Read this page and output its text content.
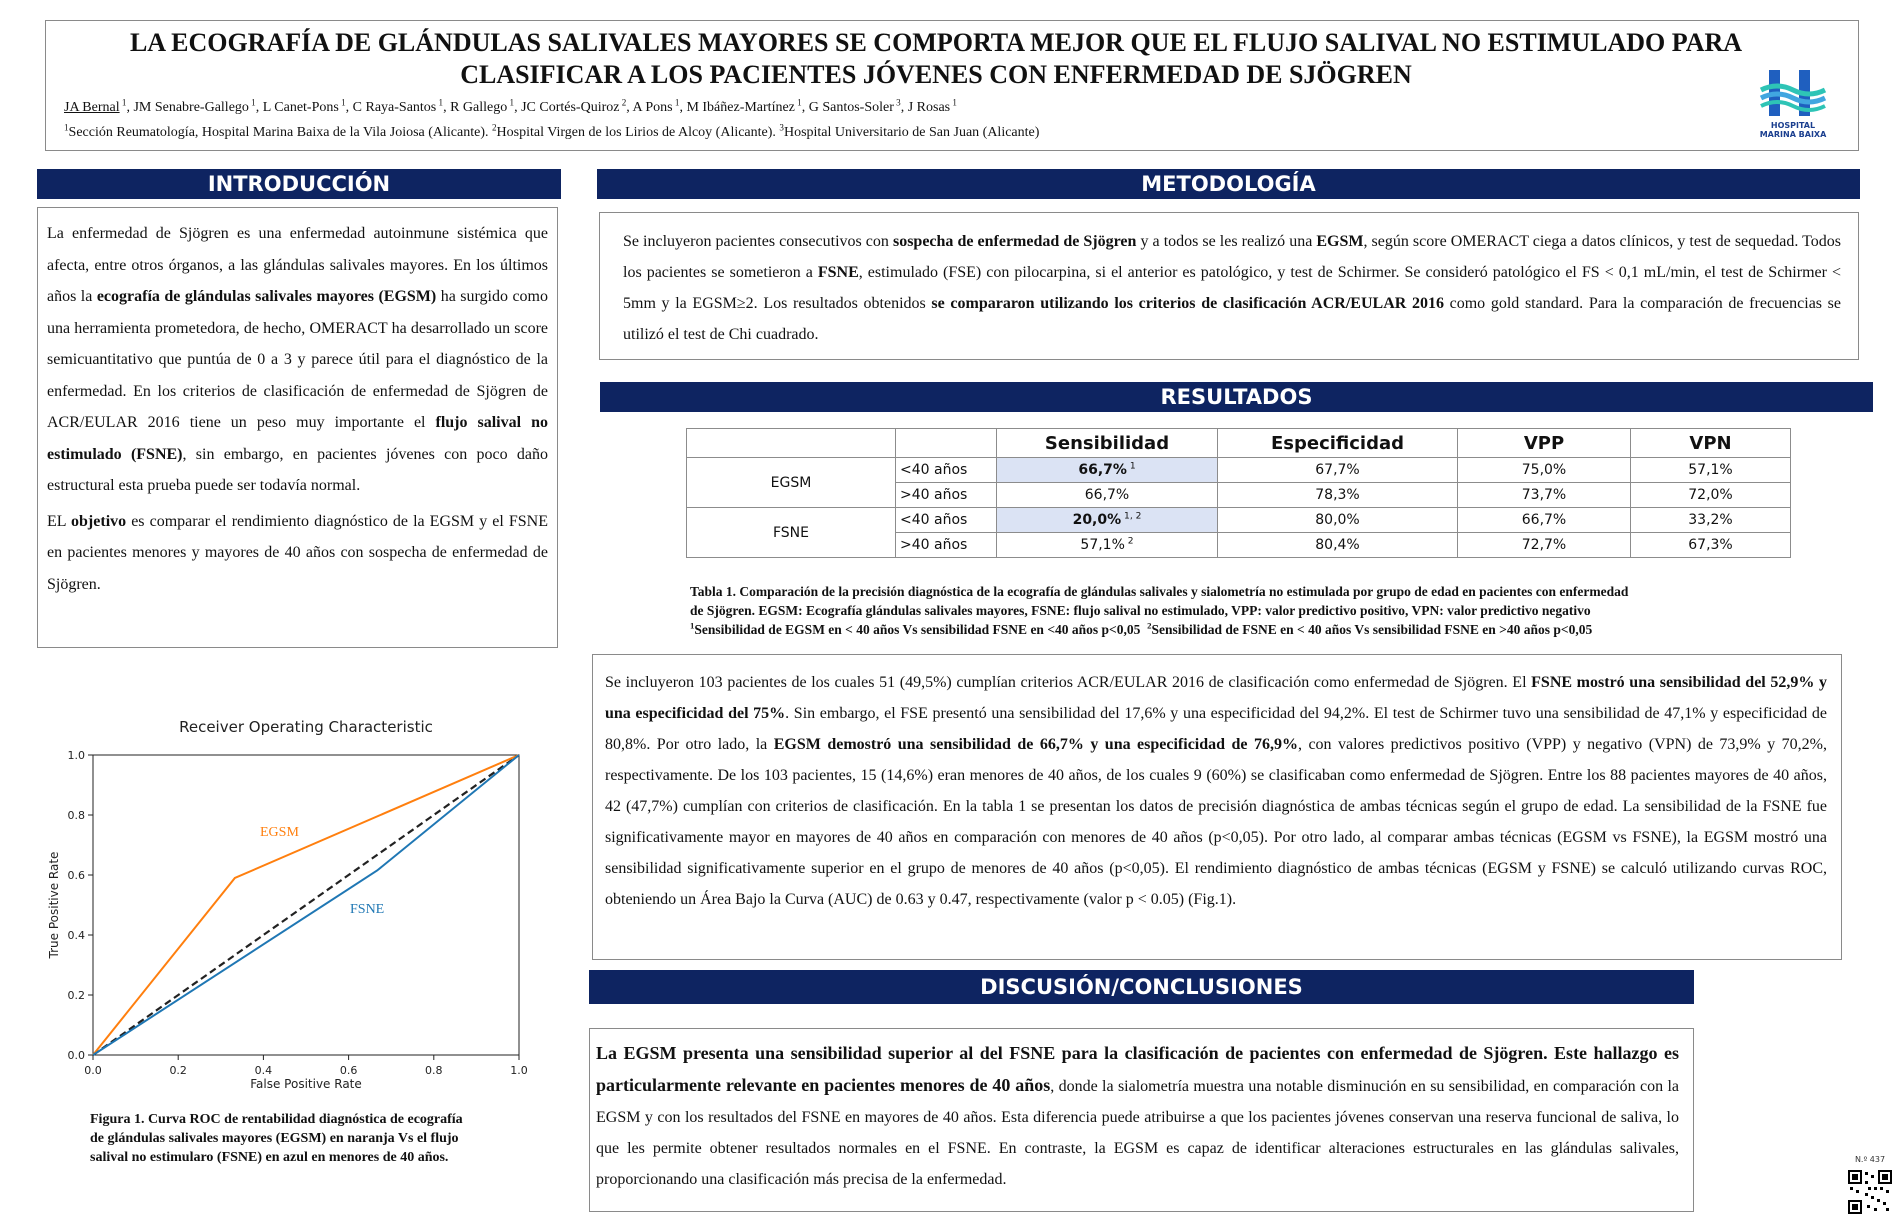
LA ECOGRAFÍA DE GLÁNDULAS SALIVALES MAYORES SE COMPORTA MEJOR QUE EL FLUJO SALIVAL NO ESTIMULADO PARA
CLASIFICAR A LOS PACIENTES JÓVENES CON ENFERMEDAD DE SJÖGREN
JA Bernal $^1$, JM Senabre-Gallego $^1$, L Canet-Pons $^1$, C Raya-Santos $^1$, R Gallego $^1$, JC Cortés-Quiroz $^2$, A Pons $^1$, M Ibáñez-Martínez $^1$, G Santos-Soler $^3$, J Rosas $^1$
$^1$Sección Reumatología, Hospital Marina Baixa de la Vila Joiosa (Alicante). $^2$Hospital Virgen de los Lirios de Alcoy (Alicante). $^3$Hospital Universitario de San Juan (Alicante)	HOSPITAL
MARINA BAIXA
INTRODUCCIÓN

La enfermedad de Sjögren es una enfermedad autoinmune sistémica que afecta, entre otros órganos, a las glándulas salivales mayores. En los últimos años la ecografía de glándulas salivales mayores (EGSM) ha surgido como una herramienta prometedora, de hecho, OMERACT ha desarrollado un score semicuantitativo que puntúa de 0 a 3 y parece útil para el diagnóstico de la enfermedad. En los criterios de clasificación de enfermedad de Sjögren de ACR/EULAR 2016 tiene un peso muy importante el flujo salival no estimulado (FSNE), sin embargo, en pacientes jóvenes con poco daño estructural esta prueba puede ser todavía normal.

EL objetivo es comparar el rendimiento diagnóstico de la EGSM y el FSNE en pacientes menores y mayores de 40 años con sospecha de enfermedad de Sjögren.

METODOLOGÍA

Se incluyeron pacientes consecutivos con sospecha de enfermedad de Sjögren y a todos se les realizó una EGSM, según score OMERACT ciega a datos clínicos, y test de sequedad. Todos los pacientes se sometieron a FSNE, estimulado (FSE) con pilocarpina, si el anterior es patológico, y test de Schirmer. Se consideró patológico el FS < 0,1 mL/min, el test de Schirmer < 5mm y la EGSM≥2. Los resultados obtenidos se compararon utilizando los criterios de clasificación ACR/EULAR 2016 como gold standard. Para la comparación de frecuencias se utilizó el test de Chi cuadrado.

RESULTADOS
		Sensibilidad	Especificidad	VPP	VPN
EGSM	<40 años	66,7% $^1$	67,7%	75,0%	57,1%
	>40 años	66,7%	78,3%	73,7%	72,0%
FSNE	<40 años	20,0% $^{1, 2}$	80,0%	66,7%	33,2%
	>40 años	57,1% $^2$	80,4%	72,7%	67,3%
Tabla 1. Comparación de la precisión diagnóstica de la ecografía de glándulas salivales y sialometría no estimulada por grupo de edad en pacientes con enfermedad
de Sjögren. EGSM: Ecografía glándulas salivales mayores, FSNE: flujo salival no estimulado, VPP: valor predictivo positivo, VPN: valor predictivo negativo
$^1$Sensibilidad de EGSM en < 40 años Vs sensibilidad FSNE en <40 años p<0,05  $^2$Sensibilidad de FSNE en < 40 años Vs sensibilidad FSNE en >40 años p<0,05

Se incluyeron 103 pacientes de los cuales 51 (49,5%) cumplían criterios ACR/EULAR 2016 de clasificación como enfermedad de Sjögren. El FSNE mostró una sensibilidad del 52,9% y una especificidad del 75%. Sin embargo, el FSE presentó una sensibilidad del 17,6% y una especificidad del 94,2%. El test de Schirmer tuvo una sensibilidad de 47,1% y especificidad de 80,8%. Por otro lado, la EGSM demostró una sensibilidad de 66,7% y una especificidad de 76,9%, con valores predictivos positivo (VPP) y negativo (VPN) de 73,9% y 70,2%, respectivamente. De los 103 pacientes, 15 (14,6%) eran menores de 40 años, de los cuales 9 (60%) se clasificaban como enfermedad de Sjögren. Entre los 88 pacientes mayores de 40 años, 42 (47,7%) cumplían con criterios de clasificación. En la tabla 1 se presentan los datos de precisión diagnóstica de ambas técnicas según el grupo de edad. La sensibilidad de la FSNE fue significativamente mayor en mayores de 40 años en comparación con menores de 40 años (p<0,05). Por otro lado, al comparar ambas técnicas (EGSM vs FSNE), la EGSM mostró una sensibilidad significativamente superior en el grupo de menores de 40 años (p<0,05). El rendimiento diagnóstico de ambas técnicas (EGSM y FSNE) se calculó utilizando curvas ROC, obteniendo un Área Bajo la Curva (AUC) de 0.63 y 0.47, respectivamente (valor p < 0.05) (Fig.1).

DISCUSIÓN/CONCLUSIONES

La EGSM presenta una sensibilidad superior al del FSNE para la clasificación de pacientes con enfermedad de Sjögren. Este hallazgo es particularmente relevante en pacientes menores de 40 años, donde la sialometría muestra una notable disminución en su sensibilidad, en comparación con la EGSM y con los resultados del FSNE en mayores de 40 años. Esta diferencia puede atribuirse a que los pacientes jóvenes conservan una reserva funcional de saliva, lo que les permite obtener resultados normales en el FSNE. En contraste, la EGSM es capaz de identificar alteraciones estructurales en las glándulas salivales, proporcionando una clasificación más precisa de la enfermedad.

Receiver Operating Characteristic
0.0	0.2	0.4	0.6	0.8	1.0
0.0
0.2
0.4
0.6
0.8
1.0
False Positive Rate
True Positive Rate
EGSM
FSNE
Figura 1. Curva ROC de rentabilidad diagnóstica de ecografía
de glándulas salivales mayores (EGSM) en naranja Vs el flujo
salival no estimularo (FSNE) en azul en menores de 40 años.	N.º 437
